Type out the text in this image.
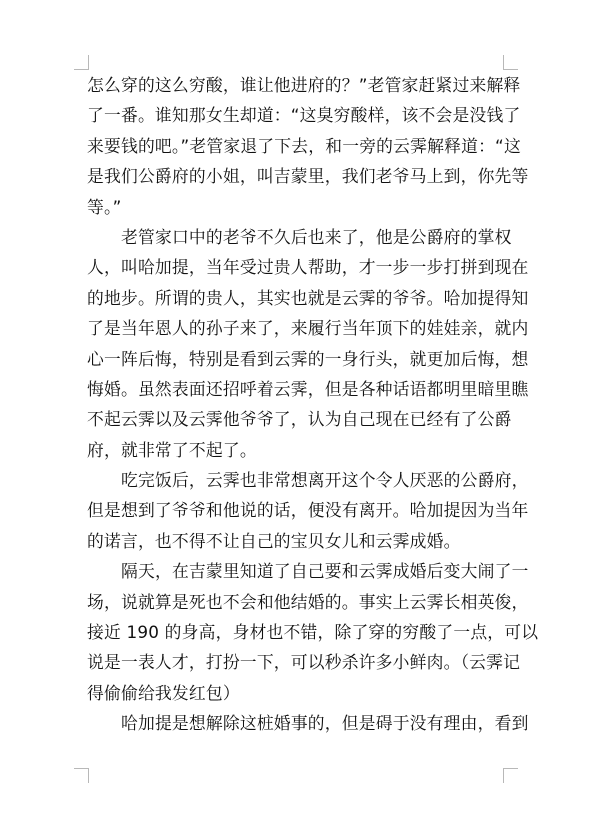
怎么穿的这么穷酸，谁让他进府的？”老管家赶紧过来解释
了一番。谁知那女生却道：“这臭穷酸样，该不会是没钱了
来要钱的吧。”老管家退了下去，和一旁的云霁解释道：“这
是我们公爵府的小姐，叫吉蒙里，我们老爷马上到，你先等
等。”
老管家口中的老爷不久后也来了，他是公爵府的掌权
人，叫哈加提，当年受过贵人帮助，才一步一步打拼到现在
的地步。所谓的贵人，其实也就是云霁的爷爷。哈加提得知
了是当年恩人的孙子来了，来履行当年顶下的娃娃亲，就内
心一阵后悔，特别是看到云霁的一身行头，就更加后悔，想
悔婚。虽然表面还招呼着云霁，但是各种话语都明里暗里瞧
不起云霁以及云霁他爷爷了，认为自己现在已经有了公爵
府，就非常了不起了。
吃完饭后，云霁也非常想离开这个令人厌恶的公爵府，
但是想到了爷爷和他说的话，便没有离开。哈加提因为当年
的诺言，也不得不让自己的宝贝女儿和云霁成婚。
隔天，在吉蒙里知道了自己要和云霁成婚后变大闹了一
场，说就算是死也不会和他结婚的。事实上云霁长相英俊，
接近 190 的身高，身材也不错，除了穿的穷酸了一点，可以
说是一表人才，打扮一下，可以秒杀许多小鲜肉。（云霁记
得偷偷给我发红包）
哈加提是想解除这桩婚事的，但是碍于没有理由，看到
